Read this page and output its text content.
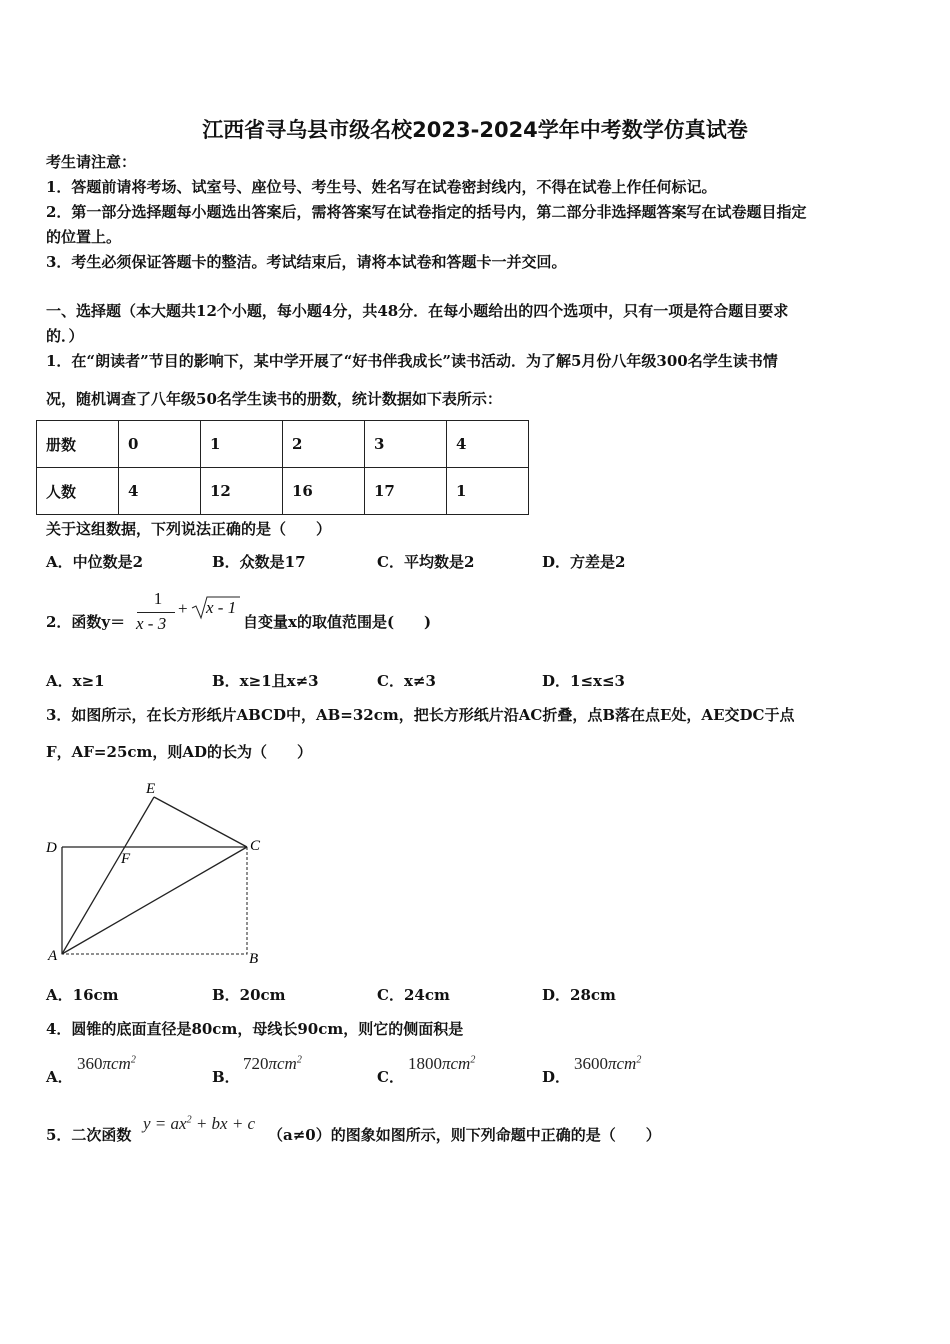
江西省寻乌县市级名校2023-2024学年中考数学仿真试卷
考生请注意：
1．答题前请将考场、试室号、座位号、考生号、姓名写在试卷密封线内，不得在试卷上作任何标记。
2．第一部分选择题每小题选出答案后，需将答案写在试卷指定的括号内，第二部分非选择题答案写在试卷题目指定
的位置上。
3．考生必须保证答题卡的整洁。考试结束后，请将本试卷和答题卡一并交回。
一、选择题（本大题共12个小题，每小题4分，共48分．在每小题给出的四个选项中，只有一项是符合题目要求
的．）
1．在“朗读者”节目的影响下，某中学开展了“好书伴我成长”读书活动．为了解5月份八年级300名学生读书情
况，随机调查了八年级50名学生读书的册数，统计数据如下表所示：
册数	0	1	2	3	4
人数	4	12	16	17	1
关于这组数据，下列说法正确的是（　　）
A．中位数是2	B．众数是17	C．平均数是2	D．方差是2
2．函数y＝
1
x - 3
+ x - 1
自变量x的取值范围是(　　)
A．x≥1	B．x≥1且x≠3	C．x≠3	D．1≤x≤3
3．如图所示，在长方形纸片ABCD中，AB=32cm，把长方形纸片沿AC折叠，点B落在点E处，AE交DC于点
F，AF=25cm，则AD的长为（　　）
D	C
E
F
A	B
A．16cm	B．20cm	C．24cm	D．28cm
4．圆锥的底面直径是80cm，母线长90cm，则它的侧面积是
A．
360πcm$^2$
B．
720πcm$^2$
C．
1800πcm$^2$
D．
3600πcm$^2$
5．二次函数
$y = ax^2$ + bx + c
（a≠0）的图象如图所示，则下列命题中正确的是（　　）
